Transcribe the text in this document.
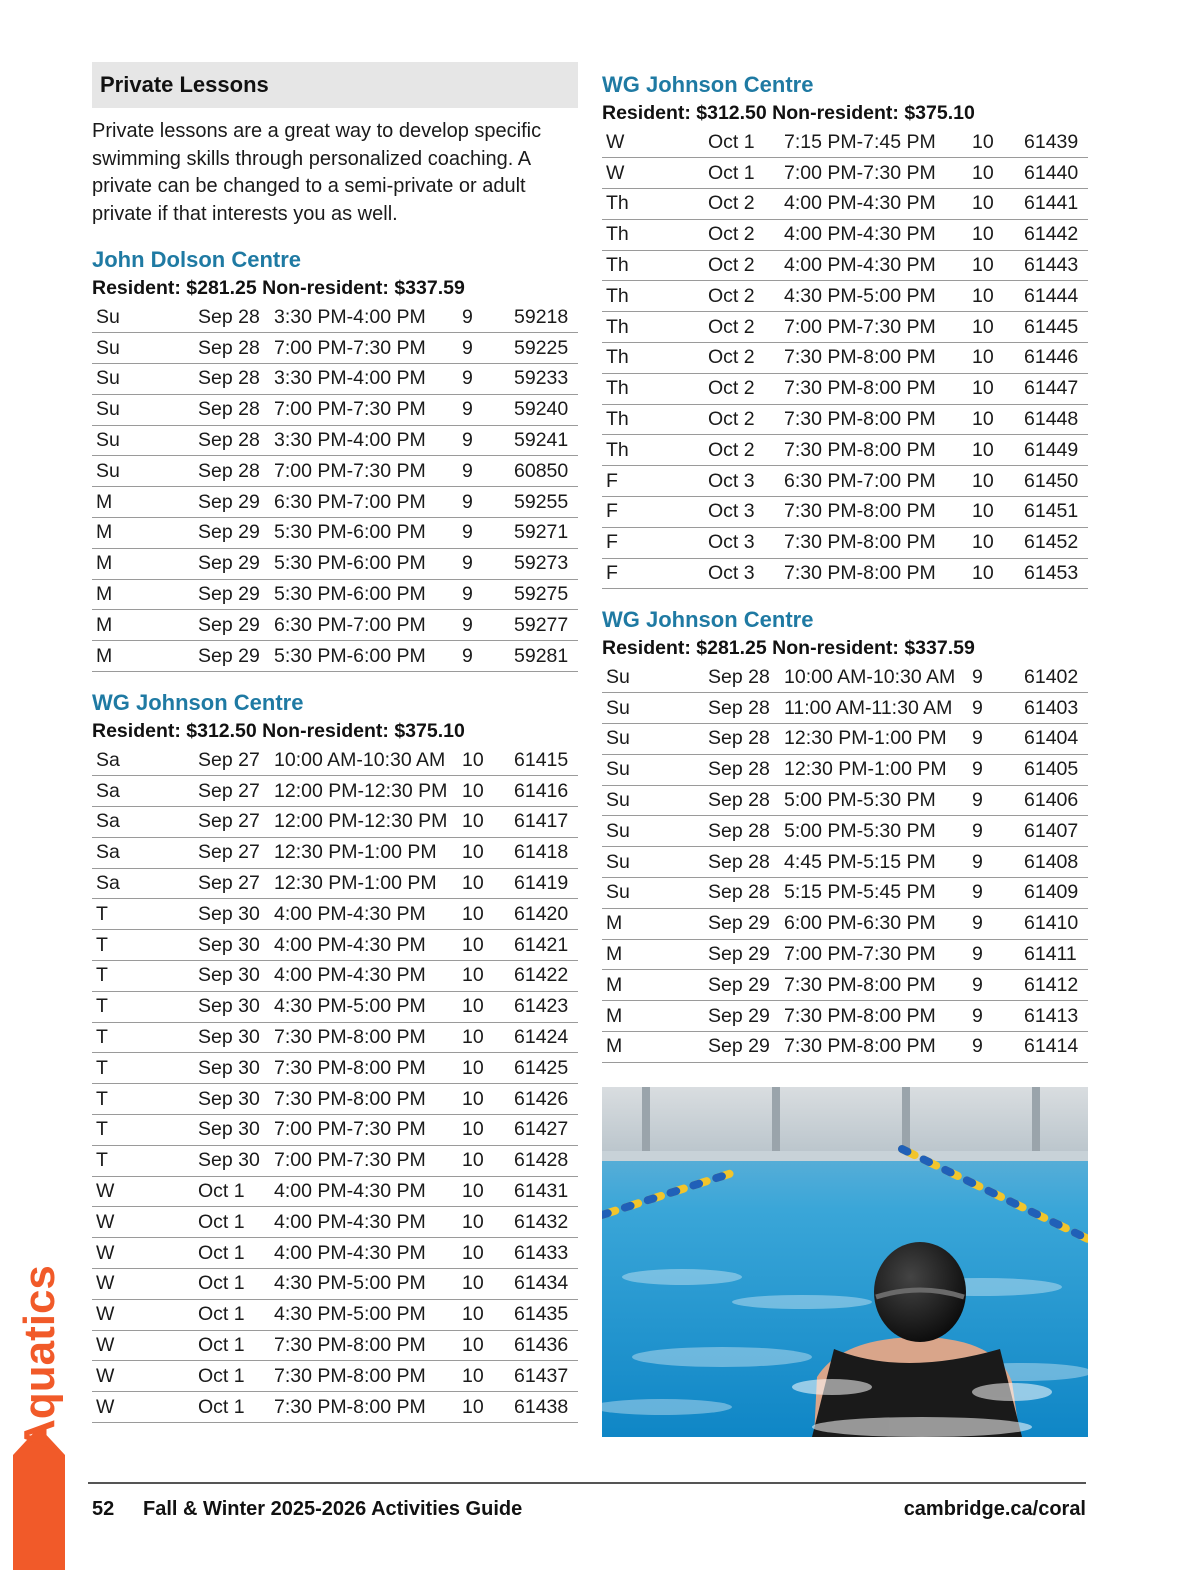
Private Lessons

Private lessons are a great way to develop specific swimming skills through personalized coaching. A private can be changed to a semi-private or adult private if that interests you as well.

John Dolson Centre
Resident: $281.25 Non-resident: $337.59
Su	Sep 28	3:30 PM-4:00 PM	9	59218
Su	Sep 28	7:00 PM-7:30 PM	9	59225
Su	Sep 28	3:30 PM-4:00 PM	9	59233
Su	Sep 28	7:00 PM-7:30 PM	9	59240
Su	Sep 28	3:30 PM-4:00 PM	9	59241
Su	Sep 28	7:00 PM-7:30 PM	9	60850
M	Sep 29	6:30 PM-7:00 PM	9	59255
M	Sep 29	5:30 PM-6:00 PM	9	59271
M	Sep 29	5:30 PM-6:00 PM	9	59273
M	Sep 29	5:30 PM-6:00 PM	9	59275
M	Sep 29	6:30 PM-7:00 PM	9	59277
M	Sep 29	5:30 PM-6:00 PM	9	59281
WG Johnson Centre
Resident: $312.50 Non-resident: $375.10
Sa	Sep 27	10:00 AM-10:30 AM	10	61415
Sa	Sep 27	12:00 PM-12:30 PM	10	61416
Sa	Sep 27	12:00 PM-12:30 PM	10	61417
Sa	Sep 27	12:30 PM-1:00 PM	10	61418
Sa	Sep 27	12:30 PM-1:00 PM	10	61419
T	Sep 30	4:00 PM-4:30 PM	10	61420
T	Sep 30	4:00 PM-4:30 PM	10	61421
T	Sep 30	4:00 PM-4:30 PM	10	61422
T	Sep 30	4:30 PM-5:00 PM	10	61423
T	Sep 30	7:30 PM-8:00 PM	10	61424
T	Sep 30	7:30 PM-8:00 PM	10	61425
T	Sep 30	7:30 PM-8:00 PM	10	61426
T	Sep 30	7:00 PM-7:30 PM	10	61427
T	Sep 30	7:00 PM-7:30 PM	10	61428
W	Oct 1	4:00 PM-4:30 PM	10	61431
W	Oct 1	4:00 PM-4:30 PM	10	61432
W	Oct 1	4:00 PM-4:30 PM	10	61433
W	Oct 1	4:30 PM-5:00 PM	10	61434
W	Oct 1	4:30 PM-5:00 PM	10	61435
W	Oct 1	7:30 PM-8:00 PM	10	61436
W	Oct 1	7:30 PM-8:00 PM	10	61437
W	Oct 1	7:30 PM-8:00 PM	10	61438
WG Johnson Centre
Resident: $312.50 Non-resident: $375.10
W	Oct 1	7:15 PM-7:45 PM	10	61439
W	Oct 1	7:00 PM-7:30 PM	10	61440
Th	Oct 2	4:00 PM-4:30 PM	10	61441
Th	Oct 2	4:00 PM-4:30 PM	10	61442
Th	Oct 2	4:00 PM-4:30 PM	10	61443
Th	Oct 2	4:30 PM-5:00 PM	10	61444
Th	Oct 2	7:00 PM-7:30 PM	10	61445
Th	Oct 2	7:30 PM-8:00 PM	10	61446
Th	Oct 2	7:30 PM-8:00 PM	10	61447
Th	Oct 2	7:30 PM-8:00 PM	10	61448
Th	Oct 2	7:30 PM-8:00 PM	10	61449
F	Oct 3	6:30 PM-7:00 PM	10	61450
F	Oct 3	7:30 PM-8:00 PM	10	61451
F	Oct 3	7:30 PM-8:00 PM	10	61452
F	Oct 3	7:30 PM-8:00 PM	10	61453
WG Johnson Centre
Resident: $281.25 Non-resident: $337.59
Su	Sep 28	10:00 AM-10:30 AM	9	61402
Su	Sep 28	11:00 AM-11:30 AM	9	61403
Su	Sep 28	12:30 PM-1:00 PM	9	61404
Su	Sep 28	12:30 PM-1:00 PM	9	61405
Su	Sep 28	5:00 PM-5:30 PM	9	61406
Su	Sep 28	5:00 PM-5:30 PM	9	61407
Su	Sep 28	4:45 PM-5:15 PM	9	61408
Su	Sep 28	5:15 PM-5:45 PM	9	61409
M	Sep 29	6:00 PM-6:30 PM	9	61410
M	Sep 29	7:00 PM-7:30 PM	9	61411
M	Sep 29	7:30 PM-8:00 PM	9	61412
M	Sep 29	7:30 PM-8:00 PM	9	61413
M	Sep 29	7:30 PM-8:00 PM	9	61414
Aquatics
52 Fall & Winter 2025-2026 Activities Guide	cambridge.ca/coral
